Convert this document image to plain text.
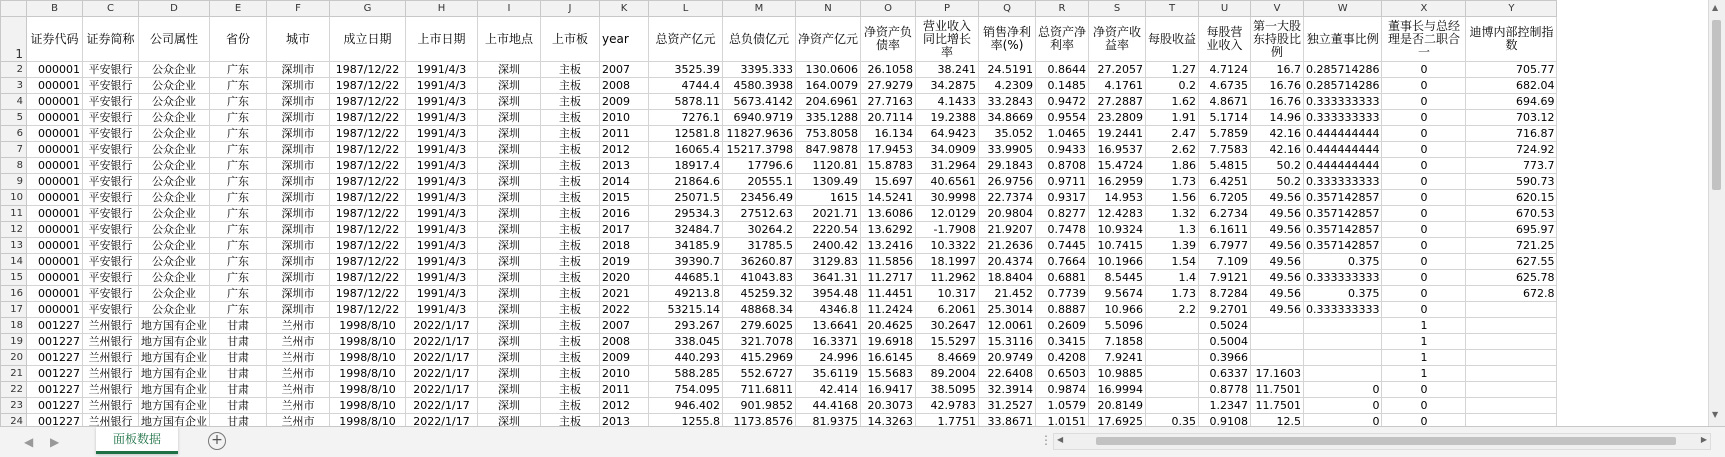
	B	C	D	E	F	G	H	I	J	K	L	M	N	O	P	Q	R	S	T	U	V	W	X	Y
1	证券代码	证券简称	公司属性	省份	城市	成立日期	上市日期	上市地点	上市板	year	总资产亿元	总负债亿元	净资产亿元	净资产负债率	营业收入同比增长率	销售净利率(%)	总资产净利率	净资产收益率	每股收益	每股营业收入	第一大股东持股比例	独立董事比例	董事长与总经理是否二职合一	迪博内部控制指数
2	000001	平安银行	公众企业	广东	深圳市	1987/12/22	1991/4/3	深圳	主板	2007	3525.39	3395.333	130.0606	26.1058	38.241	24.5191	0.8644	27.2057	1.27	4.7124	16.7	0.285714286	0	705.77
3	000001	平安银行	公众企业	广东	深圳市	1987/12/22	1991/4/3	深圳	主板	2008	4744.4	4580.3938	164.0079	27.9279	34.2875	4.2309	0.1485	4.1761	0.2	4.6735	16.76	0.285714286	0	682.04
4	000001	平安银行	公众企业	广东	深圳市	1987/12/22	1991/4/3	深圳	主板	2009	5878.11	5673.4142	204.6961	27.7163	4.1433	33.2843	0.9472	27.2887	1.62	4.8671	16.76	0.333333333	0	694.69
5	000001	平安银行	公众企业	广东	深圳市	1987/12/22	1991/4/3	深圳	主板	2010	7276.1	6940.9719	335.1288	20.7114	19.2388	34.8669	0.9554	23.2809	1.91	5.1714	14.96	0.333333333	0	703.12
6	000001	平安银行	公众企业	广东	深圳市	1987/12/22	1991/4/3	深圳	主板	2011	12581.8	11827.9636	753.8058	16.134	64.9423	35.052	1.0465	19.2441	2.47	5.7859	42.16	0.444444444	0	716.87
7	000001	平安银行	公众企业	广东	深圳市	1987/12/22	1991/4/3	深圳	主板	2012	16065.4	15217.3798	847.9878	17.9453	34.0909	33.9905	0.9433	16.9537	2.62	7.7583	42.16	0.444444444	0	724.92
8	000001	平安银行	公众企业	广东	深圳市	1987/12/22	1991/4/3	深圳	主板	2013	18917.4	17796.6	1120.81	15.8783	31.2964	29.1843	0.8708	15.4724	1.86	5.4815	50.2	0.444444444	0	773.7
9	000001	平安银行	公众企业	广东	深圳市	1987/12/22	1991/4/3	深圳	主板	2014	21864.6	20555.1	1309.49	15.697	40.6561	26.9756	0.9711	16.2959	1.73	6.4251	50.2	0.333333333	0	590.73
10	000001	平安银行	公众企业	广东	深圳市	1987/12/22	1991/4/3	深圳	主板	2015	25071.5	23456.49	1615	14.5241	30.9998	22.7374	0.9317	14.953	1.56	6.7205	49.56	0.357142857	0	620.15
11	000001	平安银行	公众企业	广东	深圳市	1987/12/22	1991/4/3	深圳	主板	2016	29534.3	27512.63	2021.71	13.6086	12.0129	20.9804	0.8277	12.4283	1.32	6.2734	49.56	0.357142857	0	670.53
12	000001	平安银行	公众企业	广东	深圳市	1987/12/22	1991/4/3	深圳	主板	2017	32484.7	30264.2	2220.54	13.6292	-1.7908	21.9207	0.7478	10.9324	1.3	6.1611	49.56	0.357142857	0	695.97
13	000001	平安银行	公众企业	广东	深圳市	1987/12/22	1991/4/3	深圳	主板	2018	34185.9	31785.5	2400.42	13.2416	10.3322	21.2636	0.7445	10.7415	1.39	6.7977	49.56	0.357142857	0	721.25
14	000001	平安银行	公众企业	广东	深圳市	1987/12/22	1991/4/3	深圳	主板	2019	39390.7	36260.87	3129.83	11.5856	18.1997	20.4374	0.7664	10.1966	1.54	7.109	49.56	0.375	0	627.55
15	000001	平安银行	公众企业	广东	深圳市	1987/12/22	1991/4/3	深圳	主板	2020	44685.1	41043.83	3641.31	11.2717	11.2962	18.8404	0.6881	8.5445	1.4	7.9121	49.56	0.333333333	0	625.78
16	000001	平安银行	公众企业	广东	深圳市	1987/12/22	1991/4/3	深圳	主板	2021	49213.8	45259.32	3954.48	11.4451	10.317	21.452	0.7739	9.5674	1.73	8.7284	49.56	0.375	0	672.8
17	000001	平安银行	公众企业	广东	深圳市	1987/12/22	1991/4/3	深圳	主板	2022	53215.14	48868.34	4346.8	11.2424	6.2061	25.3014	0.8887	10.966	2.2	9.2701	49.56	0.333333333	0	
18	001227	兰州银行	地方国有企业	甘肃	兰州市	1998/8/10	2022/1/17	深圳	主板	2007	293.267	279.6025	13.6641	20.4625	30.2647	12.0061	0.2609	5.5096		0.5024			1	
19	001227	兰州银行	地方国有企业	甘肃	兰州市	1998/8/10	2022/1/17	深圳	主板	2008	338.045	321.7078	16.3371	19.6918	15.5297	15.3116	0.3415	7.1858		0.5004			1	
20	001227	兰州银行	地方国有企业	甘肃	兰州市	1998/8/10	2022/1/17	深圳	主板	2009	440.293	415.2969	24.996	16.6145	8.4669	20.9749	0.4208	7.9241		0.3966			1	
21	001227	兰州银行	地方国有企业	甘肃	兰州市	1998/8/10	2022/1/17	深圳	主板	2010	588.285	552.6727	35.6119	15.5683	89.2004	22.6408	0.6503	10.9885		0.6337	17.1603		1	
22	001227	兰州银行	地方国有企业	甘肃	兰州市	1998/8/10	2022/1/17	深圳	主板	2011	754.095	711.6811	42.414	16.9417	38.5095	32.3914	0.9874	16.9994		0.8778	11.7501	0	0	
23	001227	兰州银行	地方国有企业	甘肃	兰州市	1998/8/10	2022/1/17	深圳	主板	2012	946.402	901.9852	44.4168	20.3073	42.9783	31.2527	1.0579	20.8149		1.2347	11.7501	0	0	
24	001227	兰州银行	地方国有企业	甘肃	兰州市	1998/8/10	2022/1/17	深圳	主板	2013	1255.8	1173.8576	81.9375	14.3263	1.7751	33.8671	1.0151	17.6925	0.35	0.9108	12.5	0	0	

▲
▼
◀ ▶	面板数据	+	⋮ ◀	▶
